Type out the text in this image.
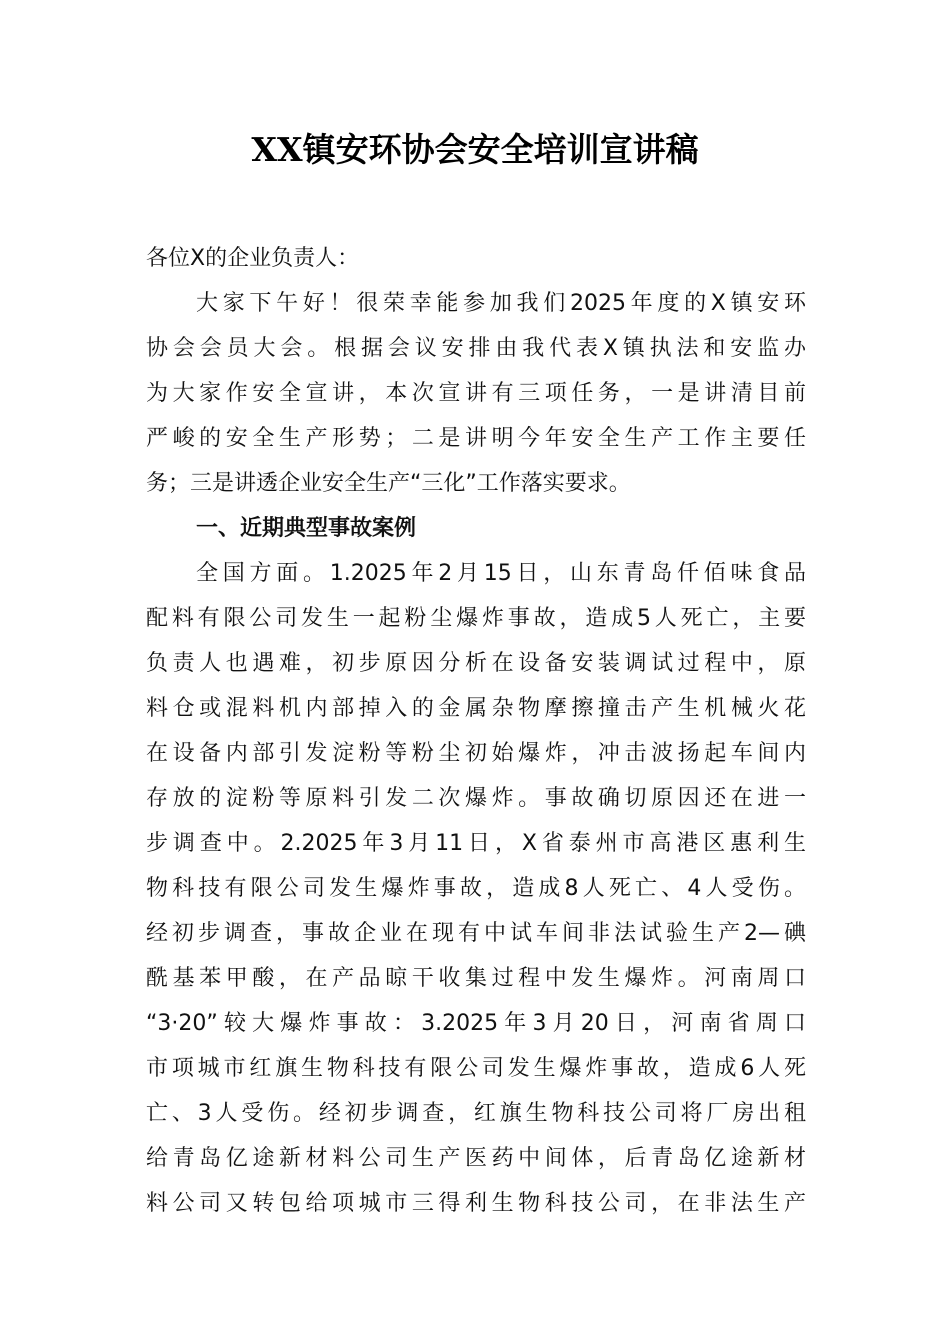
XX镇安环协会安全培训宣讲稿
各位X的企业负责人：
大家下午好！很荣幸能参加我们2025年度的X镇安环
协会会员大会。根据会议安排由我代表X镇执法和安监办
为大家作安全宣讲，本次宣讲有三项任务，一是讲清目前
严峻的安全生产形势；二是讲明今年安全生产工作主要任
务；三是讲透企业安全生产“三化”工作落实要求。
一、近期典型事故案例
全国方面。1.2025年2月15日，山东青岛仟佰味食品
配料有限公司发生一起粉尘爆炸事故，造成5人死亡，主要
负责人也遇难，初步原因分析在设备安装调试过程中，原
料仓或混料机内部掉入的金属杂物摩擦撞击产生机械火花
在设备内部引发淀粉等粉尘初始爆炸，冲击波扬起车间内
存放的淀粉等原料引发二次爆炸。事故确切原因还在进一
步调查中。2.2025年3月11日，X省泰州市高港区惠利生
物科技有限公司发生爆炸事故，造成8人死亡、4人受伤。
经初步调查，事故企业在现有中试车间非法试验生产2—碘
酰基苯甲酸，在产品晾干收集过程中发生爆炸。河南周口
“3·20”较大爆炸事故：3.2025年3月20日，河南省周口
市项城市红旗生物科技有限公司发生爆炸事故，造成6人死
亡、3人受伤。经初步调查，红旗生物科技公司将厂房出租
给青岛亿途新材料公司生产医药中间体，后青岛亿途新材
料公司又转包给项城市三得利生物科技公司，在非法生产
